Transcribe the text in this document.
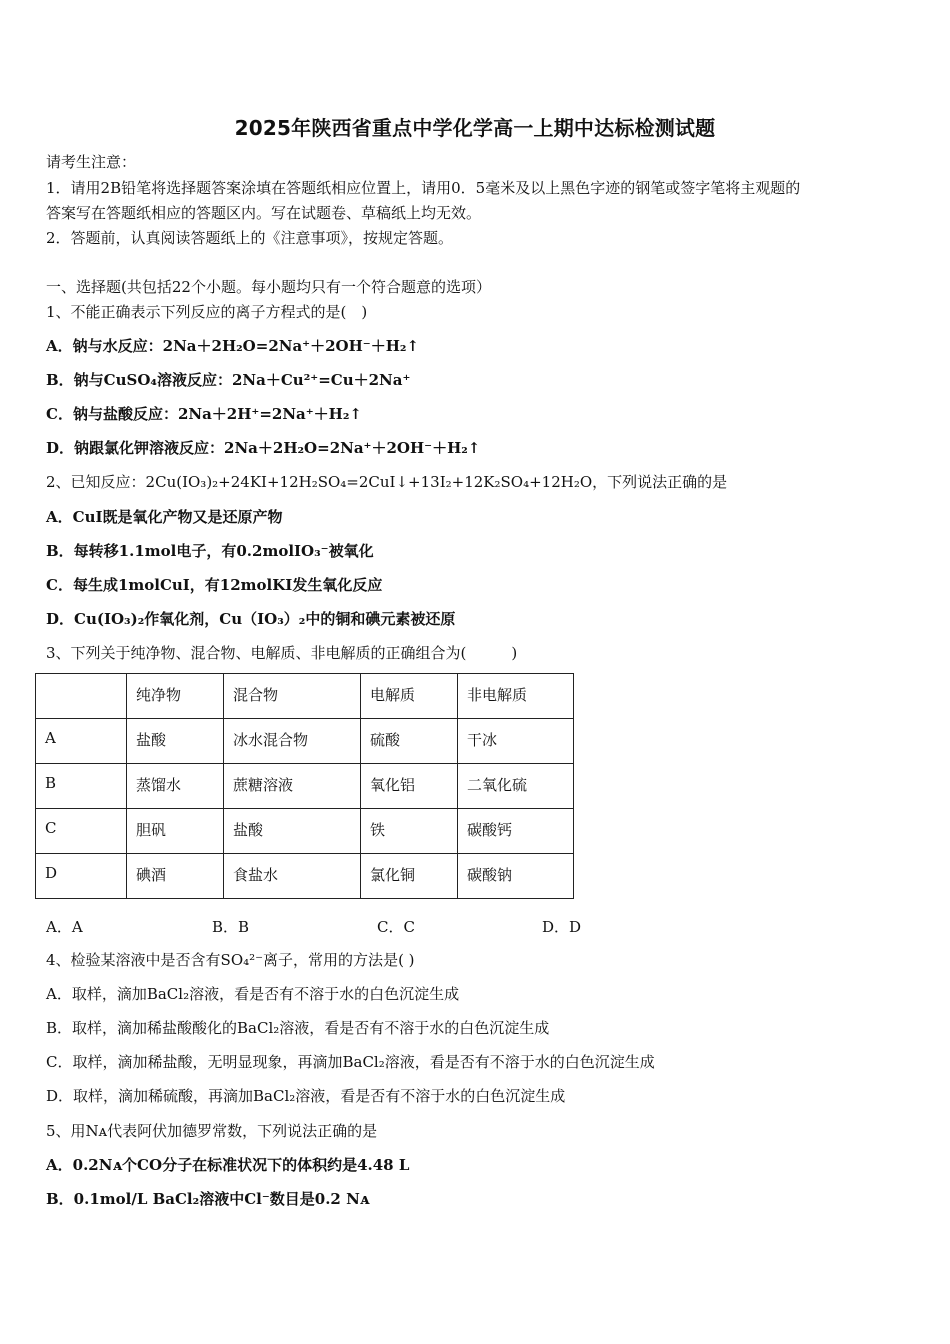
2025年陕西省重点中学化学高一上期中达标检测试题
请考生注意：
1．请用2B铅笔将选择题答案涂填在答题纸相应位置上，请用0．5毫米及以上黑色字迹的钢笔或签字笔将主观题的
答案写在答题纸相应的答题区内。写在试题卷、草稿纸上均无效。
2．答题前，认真阅读答题纸上的《注意事项》，按规定答题。
一、选择题(共包括22个小题。每小题均只有一个符合题意的选项）
1、不能正确表示下列反应的离子方程式的是(　)
A．钠与水反应：2Na＋2H₂O=2Na⁺＋2OH⁻＋H₂↑
B．钠与CuSO₄溶液反应：2Na＋Cu²⁺=Cu＋2Na⁺
C．钠与盐酸反应：2Na＋2H⁺=2Na⁺＋H₂↑
D．钠跟氯化钾溶液反应：2Na＋2H₂O=2Na⁺＋2OH⁻＋H₂↑
2、已知反应：2Cu(IO₃)₂+24KI+12H₂SO₄=2CuI↓+13I₂+12K₂SO₄+12H₂O，下列说法正确的是
A．CuI既是氧化产物又是还原产物
B．每转移1.1mol电子，有0.2molIO₃⁻被氧化
C．每生成1molCuI，有12molKI发生氧化反应
D．Cu(IO₃)₂作氧化剂，Cu（IO₃）₂中的铜和碘元素被还原
3、下列关于纯净物、混合物、电解质、非电解质的正确组合为(　　　)
	纯净物	混合物	电解质	非电解质
A	盐酸	冰水混合物	硫酸	干冰
B	蒸馏水	蔗糖溶液	氧化铝	二氧化硫
C	胆矾	盐酸	铁	碳酸钙
D	碘酒	食盐水	氯化铜	碳酸钠
A．A	B．B	C．C	D．D
4、检验某溶液中是否含有SO₄²⁻离子，常用的方法是( )
A．取样，滴加BaCl₂溶液，看是否有不溶于水的白色沉淀生成
B．取样，滴加稀盐酸酸化的BaCl₂溶液，看是否有不溶于水的白色沉淀生成
C．取样，滴加稀盐酸，无明显现象，再滴加BaCl₂溶液，看是否有不溶于水的白色沉淀生成
D．取样，滴加稀硫酸，再滴加BaCl₂溶液，看是否有不溶于水的白色沉淀生成
5、用Nᴀ代表阿伏加德罗常数，下列说法正确的是
A．0.2Nᴀ个CO分子在标准状况下的体积约是4.48 L
B．0.1mol/L BaCl₂溶液中Cl⁻数目是0.2 Nᴀ
